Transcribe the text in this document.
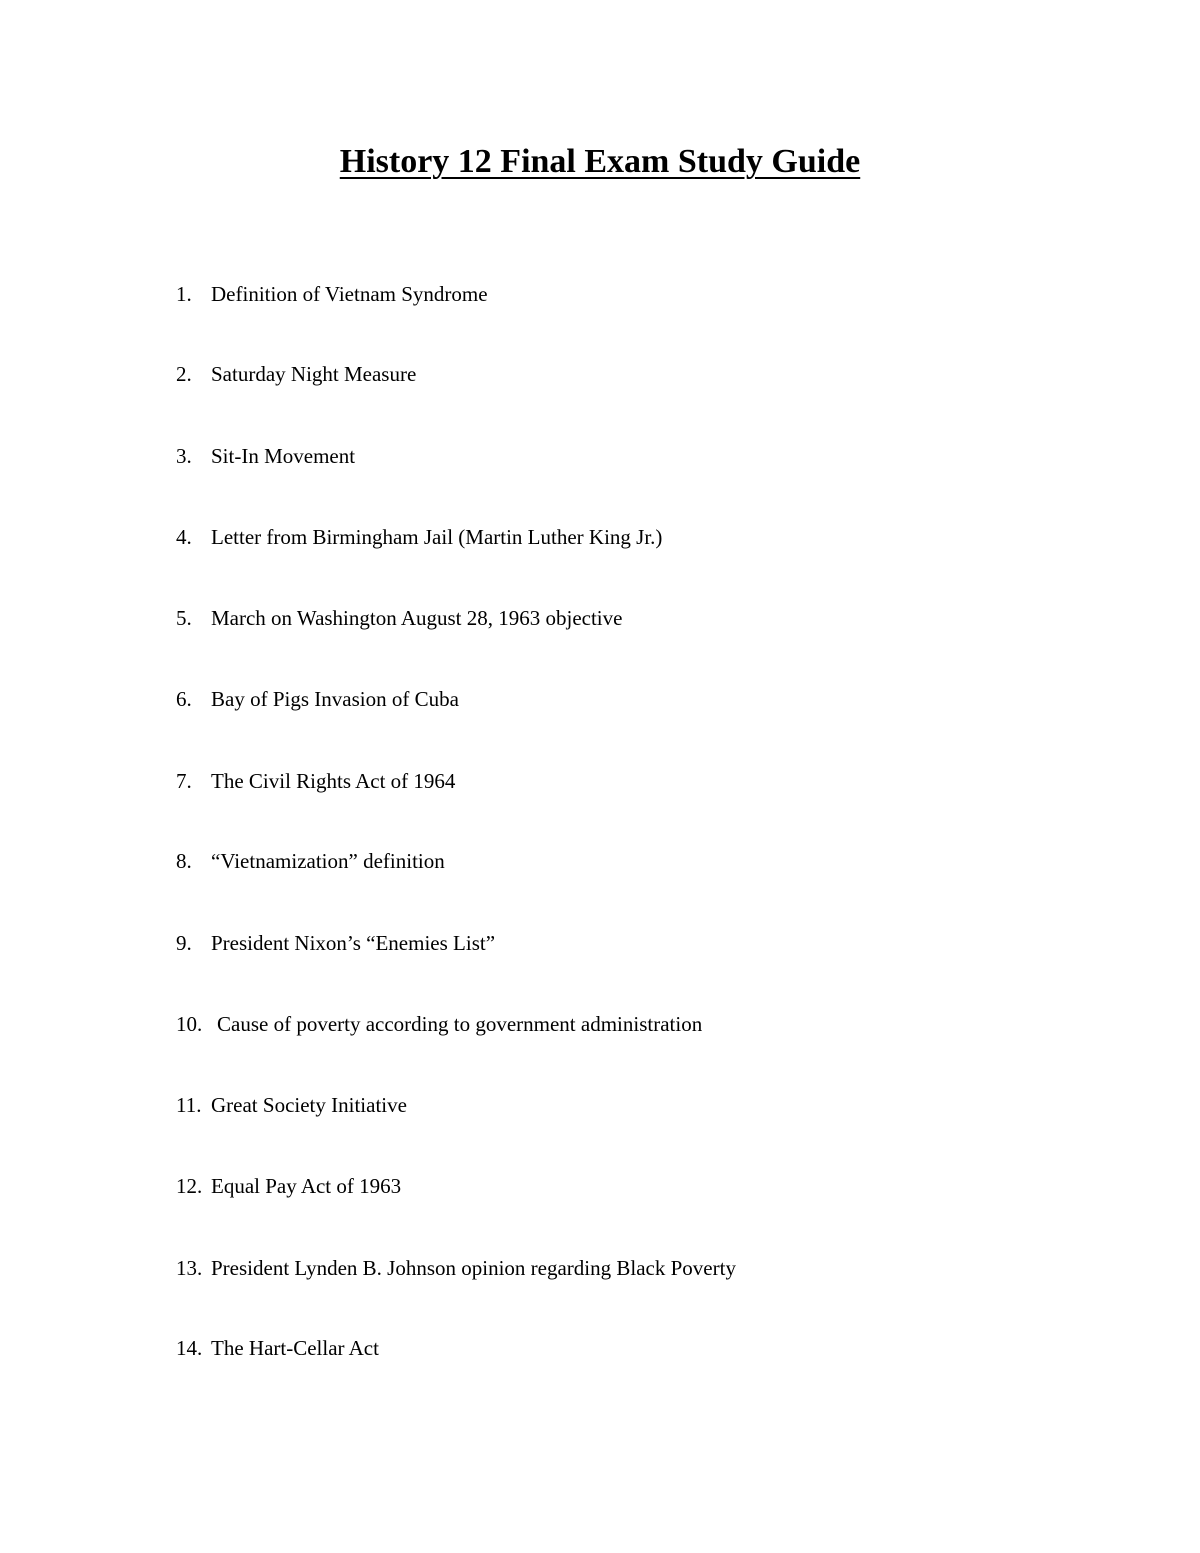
History 12 Final Exam Study Guide
1. Definition of Vietnam Syndrome
2. Saturday Night Measure
3. Sit-In Movement
4. Letter from Birmingham Jail (Martin Luther King Jr.)
5. March on Washington August 28, 1963 objective
6. Bay of Pigs Invasion of Cuba
7. The Civil Rights Act of 1964
8. “Vietnamization” definition
9. President Nixon’s “Enemies List”
10. Cause of poverty according to government administration
11. Great Society Initiative
12. Equal Pay Act of 1963
13. President Lynden B. Johnson opinion regarding Black Poverty
14. The Hart-Cellar Act
